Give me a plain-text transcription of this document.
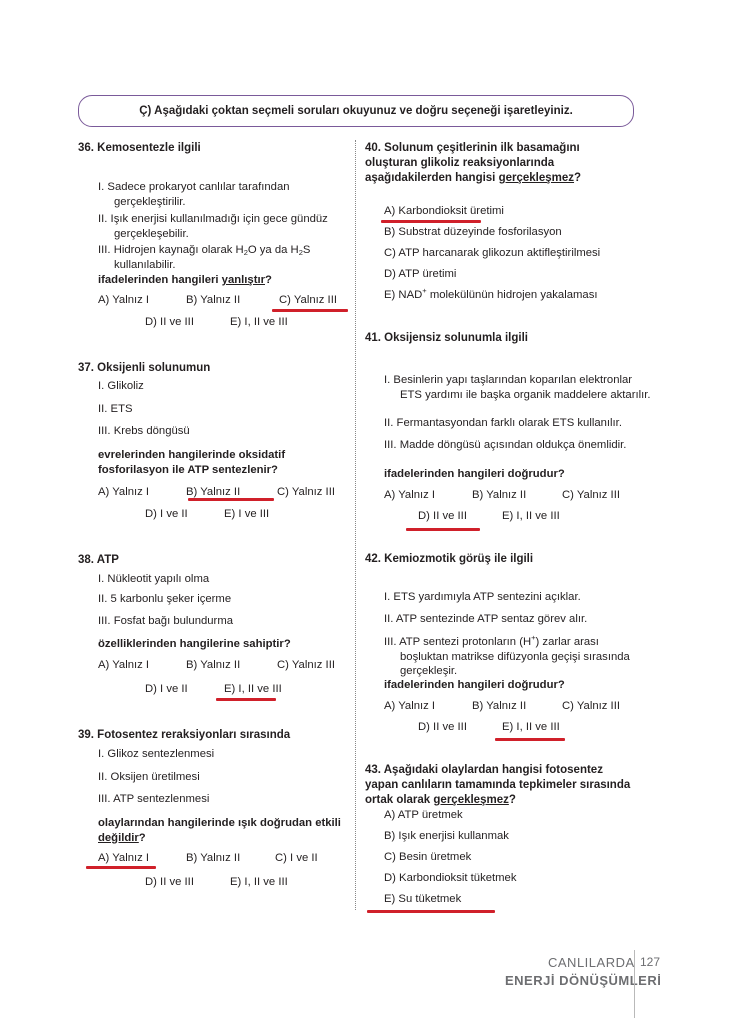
Ç) Aşağıdaki çoktan seçmeli soruları okuyunuz ve doğru seçeneği işaretleyiniz.
36. Kemosentezle ilgili
I. Sadece prokaryot canlılar tarafından gerçekleştirilir.
II. Işık enerjisi kullanılmadığı için gece gündüz gerçekleşebilir.
III. Hidrojen kaynağı olarak $H_2O$ ya da $H_2S$ kullanılabilir.
ifadelerinden hangileri yanlıştır?
A) Yalnız I	B) Yalnız II	C) Yalnız III
D) II ve III	E) I, II ve III
37. Oksijenli solunumun
I. Glikoliz
II. ETS
III. Krebs döngüsü
evrelerinden hangilerinde oksidatif fosforilasyon ile ATP sentezlenir?
A) Yalnız I	B) Yalnız II	C) Yalnız III
D) I ve II	E) I ve III
38. ATP
I. Nükleotit yapılı olma
II. 5 karbonlu şeker içerme
III. Fosfat bağı bulundurma
özelliklerinden hangilerine sahiptir?
A) Yalnız I	B) Yalnız II	C) Yalnız III
D) I ve II	E) I, II ve III
39. Fotosentez reraksiyonları sırasında
I. Glikoz sentezlenmesi
II. Oksijen üretilmesi
III. ATP sentezlenmesi
olaylarından hangilerinde ışık doğrudan etkili değildir?
A) Yalnız I	B) Yalnız II	C) I ve II
D) II ve III	E) I, II ve III
40. Solunum çeşitlerinin ilk basamağını oluşturan glikoliz reaksiyonlarında aşağıdakilerden hangisi gerçekleşmez?
A) Karbondioksit üretimi
B) Substrat düzeyinde fosforilasyon
C) ATP harcanarak glikozun aktifleştirilmesi
D) ATP üretimi
E) NAD+ molekülünün hidrojen yakalaması
41. Oksijensiz solunumla ilgili
I. Besinlerin yapı taşlarından koparılan elektronlar ETS yardımı ile başka organik maddelere aktarılır.
II. Fermantasyondan farklı olarak ETS kullanılır.
III. Madde döngüsü açısından oldukça önemlidir.
ifadelerinden hangileri doğrudur?
A) Yalnız I	B) Yalnız II	C) Yalnız III
D) II ve III	E) I, II ve III
42. Kemiozmotik görüş ile ilgili
I. ETS yardımıyla ATP sentezini açıklar.
II. ATP sentezinde ATP sentaz görev alır.
III. ATP sentezi protonların (H+) zarlar arası boşluktan matrikse difüzyonla geçişi sırasında gerçekleşir.
ifadelerinden hangileri doğrudur?
A) Yalnız I	B) Yalnız II	C) Yalnız III
D) II ve III	E) I, II ve III
43. Aşağıdaki olaylardan hangisi fotosentez yapan canlıların tamamında tepkimeler sırasında ortak olarak gerçekleşmez?
A) ATP üretmek
B) Işık enerjisi kullanmak
C) Besin üretmek
D) Karbondioksit tüketmek
E) Su tüketmek
CANLILARDA
ENERJİ DÖNÜŞÜMLERİ
127
